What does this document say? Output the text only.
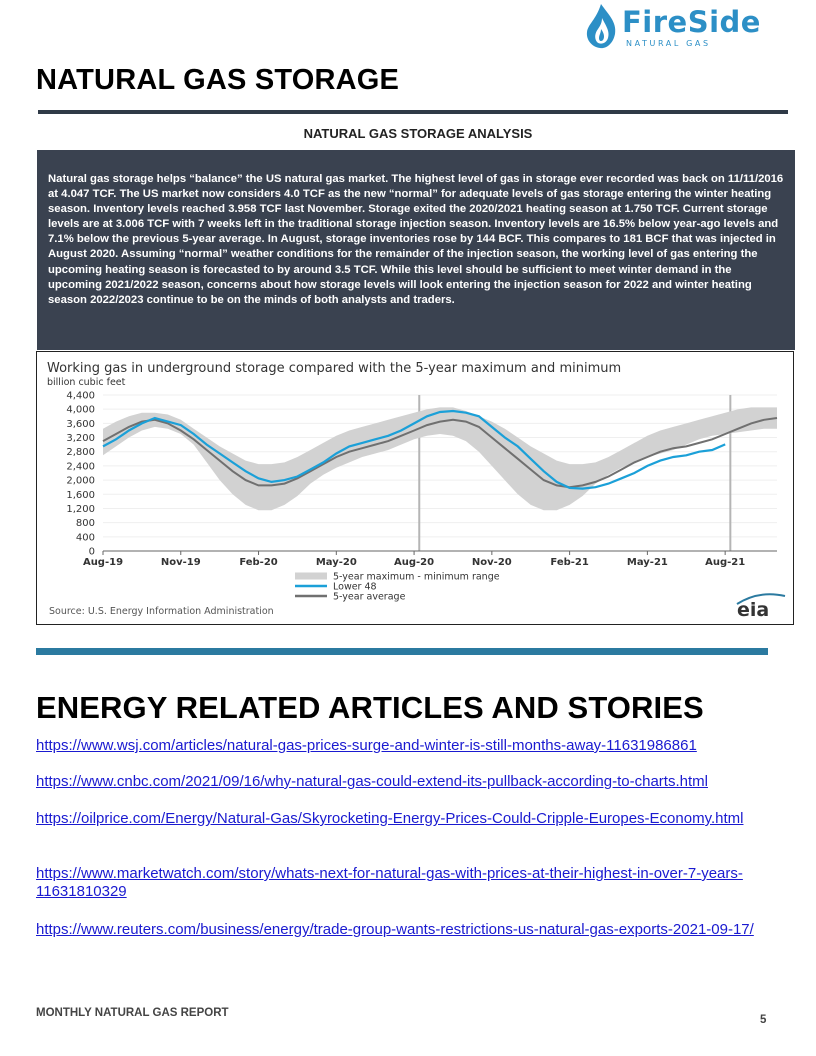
FireSide
NATURAL GAS
NATURAL GAS STORAGE
NATURAL GAS STORAGE ANALYSIS

Natural gas storage helps “balance” the US natural gas market. The highest level of gas in storage ever recorded was back on 11/11/2016 at 4.047 TCF. The US market now considers 4.0 TCF as the new “normal” for adequate levels of gas storage entering the winter heating season. Inventory levels reached 3.958 TCF last November. Storage exited the 2020/2021 heating season at 1.750 TCF. Current storage levels are at 3.006 TCF with 7 weeks left in the traditional storage injection season. Inventory levels are 16.5% below year-ago levels and 7.1% below the previous 5-year average. In August, storage inventories rose by 144 BCF. This compares to 181 BCF that was injected in August 2020. Assuming “normal” weather conditions for the remainder of the injection season, the working level of gas entering the upcoming heating season is forecasted to by around 3.5 TCF. While this level should be sufficient to meet winter demand in the upcoming 2021/2022 season, concerns about how storage levels will look entering the injection season for 2022 and winter heating season 2022/2023 continue to be on the minds of both analysts and traders.

Working gas in underground storage compared with the 5-year maximum and minimum
billion cubic feet
4,400
4,000
3,600
3,200
2,800
2,400
2,000
1,600
1,200
800
400
0
Aug-19	Nov-19	Feb-20	May-20	Aug-20	Nov-20	Feb-21	May-21	Aug-21
5-year maximum - minimum range
Lower 48
5-year average
Source: U.S. Energy Information Administration	eia
ENERGY RELATED ARTICLES AND STORIES
https://www.wsj.com/articles/natural-gas-prices-surge-and-winter-is-still-months-away-11631986861
https://www.cnbc.com/2021/09/16/why-natural-gas-could-extend-its-pullback-according-to-charts.html
https://oilprice.com/Energy/Natural-Gas/Skyrocketing-Energy-Prices-Could-Cripple-Europes-Economy.html
https://www.marketwatch.com/story/whats-next-for-natural-gas-with-prices-at-their-highest-in-over-7-years-11631810329
https://www.reuters.com/business/energy/trade-group-wants-restrictions-us-natural-gas-exports-2021-09-17/
MONTHLY NATURAL GAS REPORT
5
